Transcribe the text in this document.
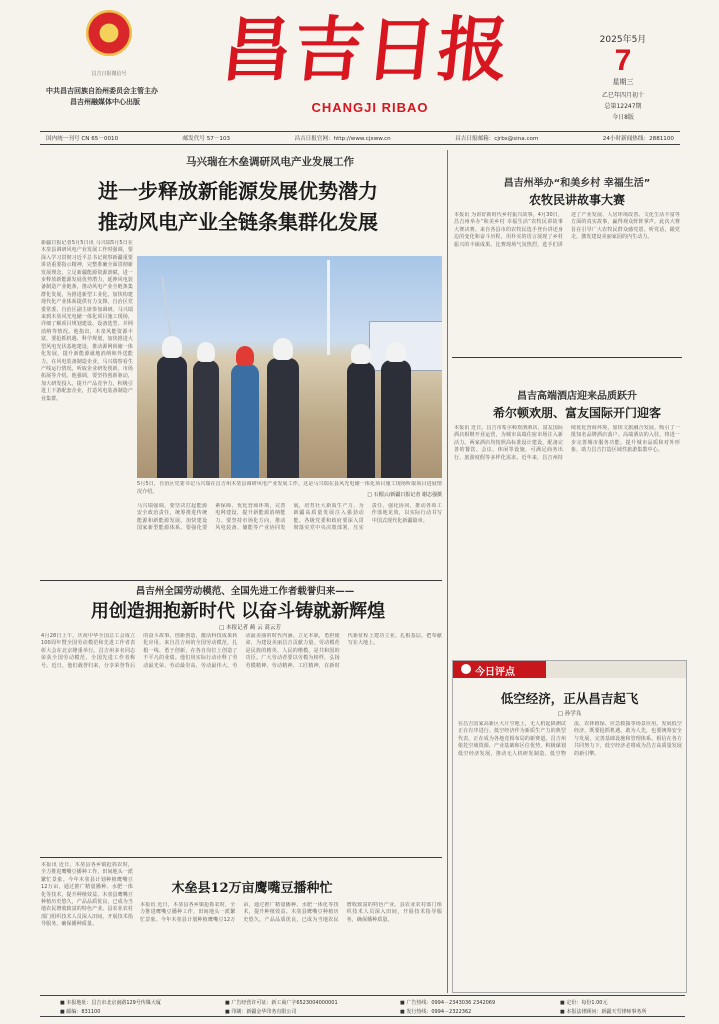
昌吉日报微信号
中共昌吉回族自治州委员会主管主办
昌吉州融媒体中心出版
昌吉日报
CHANGJI RIBAO
2025年5月
7
星期三
乙巳年四月初十
总第12247期
今日8版
国内统一刊号 CN 65－0010	邮发代号 57－103	昌吉日报官网：http://www.cjxww.cn	昌吉日报邮箱：cjrbs@sina.com	24小时新闻热线：2881100
马兴瑞在木垒调研风电产业发展工作
进一步释放新能源发展优势潜力
推动风电产业全链条集群化发展
新疆日报记者5月5日讯 马兴瑞5月5日在木垒县调研风电产业发展工作时强调，要深入学习贯彻习近平总书记视察新疆重要讲话重要指示精神，完整准确全面贯彻新发展理念，立足新疆能源资源禀赋，进一步释放新能源发展优势潜力，延伸风电装备制造产业链条，推动风电产业全链条集群化发展，为推进新型工业化、加快构建现代化产业体系提供有力支撑。自治区党委常委、自治区副主席参加调研。马兴瑞来到木垒风光电储一体化项目施工现场，详细了解项目规划建设、设备选型、并网消纳等情况。他指出，木垒风能资源丰富，要抢抓机遇、科学规划，加快推进大型风电光伏基地建设，推动源网荷储一体化发展，提升新能源就地消纳和外送能力。在风电装备制造企业，马兴瑞察看生产线运行情况，听取企业研发创新、市场拓展等介绍。他强调，要坚持创新驱动，加大研发投入，提升产品竞争力，积极引进上下游配套企业，打造风电装备制造产业集群。
5月5日，自治区党委书记马兴瑞在昌吉州木垒县调研风电产业发展工作。这是马兴瑞在县风光电储一体化项目施工现场听取项目进展情况介绍。
□ 石榴云/新疆日报记者 谢志强摄
马兴瑞强调，要坚决扛起能源安全政治责任，统筹推进传统能源和新能源发展，加快建设国家新型能源体系。要强化要素保障，优化营商环境，完善电网建设，提升新能源消纳能力。要坚持市场化方向，推动风电装备、储能等产业协同发展，培育壮大新质生产力，为新疆高质量发展注入强劲动能。各级党委和政府要深入贯彻落实党中央决策部署，压实责任、强化协同，推动各项工作落地见效，以实际行动书写中国式现代化新疆篇章。
昌吉州全国劳动模范、全国先进工作者载誉归来——
用创造拥抱新时代 以奋斗铸就新辉煌
□ 本报记者 蔺 云 蒿云芳
4月28日上午，庆祝中华全国总工会成立100周年暨全国劳动模范和先进工作者表彰大会在北京隆重举行。昌吉州多名同志荣获全国劳动模范、全国先进工作者称号。近日，他们载誉归来，分享荣誉背后的奋斗故事。创新创造，激活科技成果转化应用。来自昌吉州的全国劳动模范，扎根一线、勇于创新，在各自岗位上创造了不平凡的业绩。他们用实际行动诠释了劳动最光荣、劳动最崇高、劳动最伟大、劳动最美丽的时代内涵。立足本职，勇担使命，为建设美丽昌吉贡献力量。劳动模范是民族的精英、人民的楷模，是共和国的功臣。广大劳动者要以劳模为榜样，弘扬劳模精神、劳动精神、工匠精神，在新时代新征程上建功立业。扎根基层，把奉献写在大地上。
木垒县12万亩鹰嘴豆播种忙
本报讯 近日，木垒县各乡镇抢抓农时，全力推进鹰嘴豆播种工作，田间地头一派繁忙景象。今年木垒县计划种植鹰嘴豆12万亩，通过推广精量播种、水肥一体化等技术，提升种植效益。木垒县鹰嘴豆种植历史悠久，产品品质优良，已成为当地农民增收致富的特色产业。县农业农村部门组织技术人员深入田间，开展技术指导服务，确保播种质量。
本报讯 近日，木垒县各乡镇抢抓农时，全力推进鹰嘴豆播种工作，田间地头一派繁忙景象。今年木垒县计划种植鹰嘴豆12万亩，通过推广精量播种、水肥一体化等技术，提升种植效益。木垒县鹰嘴豆种植历史悠久，产品品质优良，已成为当地农民增收致富的特色产业。县农业农村部门组织技术人员深入田间，开展技术指导服务，确保播种质量。
昌吉州举办“和美乡村 幸福生活”
农牧民讲故事大赛
本报讯 为讲好新时代乡村振兴故事，4月30日，昌吉州举办“和美乡村 幸福生活”农牧民讲故事大赛决赛。来自各县市的农牧民选手登台讲述身边的变化和奋斗历程，用朴实的语言展现了乡村振兴的丰硕成果。比赛现场气氛热烈，选手们讲述了产业发展、人居环境改善、文化生活丰富等方面的真实故事，赢得观众阵阵掌声。此次大赛旨在引导广大农牧民群众感党恩、听党话、跟党走，激发建设美丽家园的内生动力。
昌吉高端酒店迎来品质跃升
希尔顿欢朋、富友国际开门迎客
本报讯 近日，昌吉市希尔顿欢朋酒店、富友国际酒店相继开业运营，为城市高端住宿市场注入新活力。两家酒店均按照高标准设计建设，配备完善的餐饮、会议、休闲等设施，可满足商务出行、旅游度假等多样化需求。近年来，昌吉州持续优化营商环境，加快文旅融合发展，吸引了一批知名品牌酒店落户。高端酒店的入驻，将进一步完善城市服务功能，提升城市品质和对外形象，助力昌吉打造区域性旅游集散中心。
今日评点
低空经济，正从昌吉起飞
□ 孙学良
在昌吉国家高新区大片空地上，无人机起降测试正在有序进行。低空经济作为新质生产力的典型代表，正在成为各地竞相布局的新赛道。昌吉州依托空域资源、产业基础和区位优势，积极谋划低空经济发展，推动无人机研发制造、低空物流、农林植保、应急救援等场景应用。发展低空经济，既要抢抓机遇、敢为人先，也要统筹安全与发展，完善基础设施和管理体系。相信在各方共同努力下，低空经济必将成为昌吉高质量发展的新引擎。
■ 本报地址：昌吉市北京南路129号传媒大厦
■ 邮编：831100
■ 广告经营许可证：新工商广字6523004000001
■ 印刷：新疆金华印务有限公司
■ 广告热线：0994－2343036 2342069
■ 发行热线：0994－2322362
■ 定价：每份1.00元
■ 本报法律顾问：新疆天雪律师事务所
